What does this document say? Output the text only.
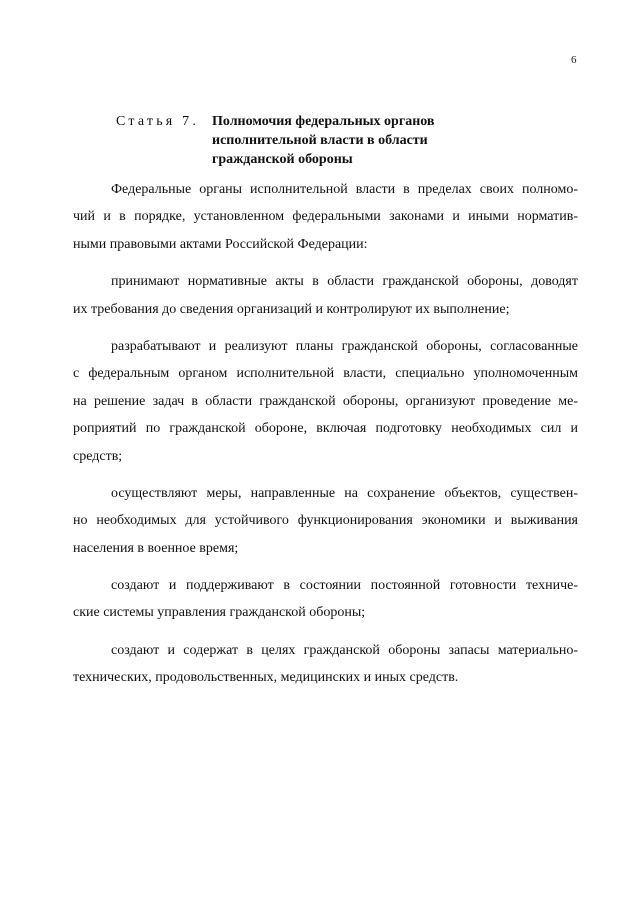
6
Статья 7. Полномочия федеральных органов
исполнительной власти в области
гражданской обороны

Федеральные органы исполнительной власти в пределах своих полномо-
чий и в порядке, установленном федеральными законами и иными норматив-
ными правовыми актами Российской Федерации:

принимают нормативные акты в области гражданской обороны, доводят
их требования до сведения организаций и контролируют их выполнение;

разрабатывают и реализуют планы гражданской обороны, согласованные
с федеральным органом исполнительной власти, специально уполномоченным
на решение задач в области гражданской обороны, организуют проведение ме-
роприятий по гражданской обороне, включая подготовку необходимых сил и
средств;

осуществляют меры, направленные на сохранение объектов, существен-
но необходимых для устойчивого функционирования экономики и выживания
населения в военное время;

создают и поддерживают в состоянии постоянной готовности техниче-
ские системы управления гражданской обороны;

создают и содержат в целях гражданской обороны запасы материально-
технических, продовольственных, медицинских и иных средств.
